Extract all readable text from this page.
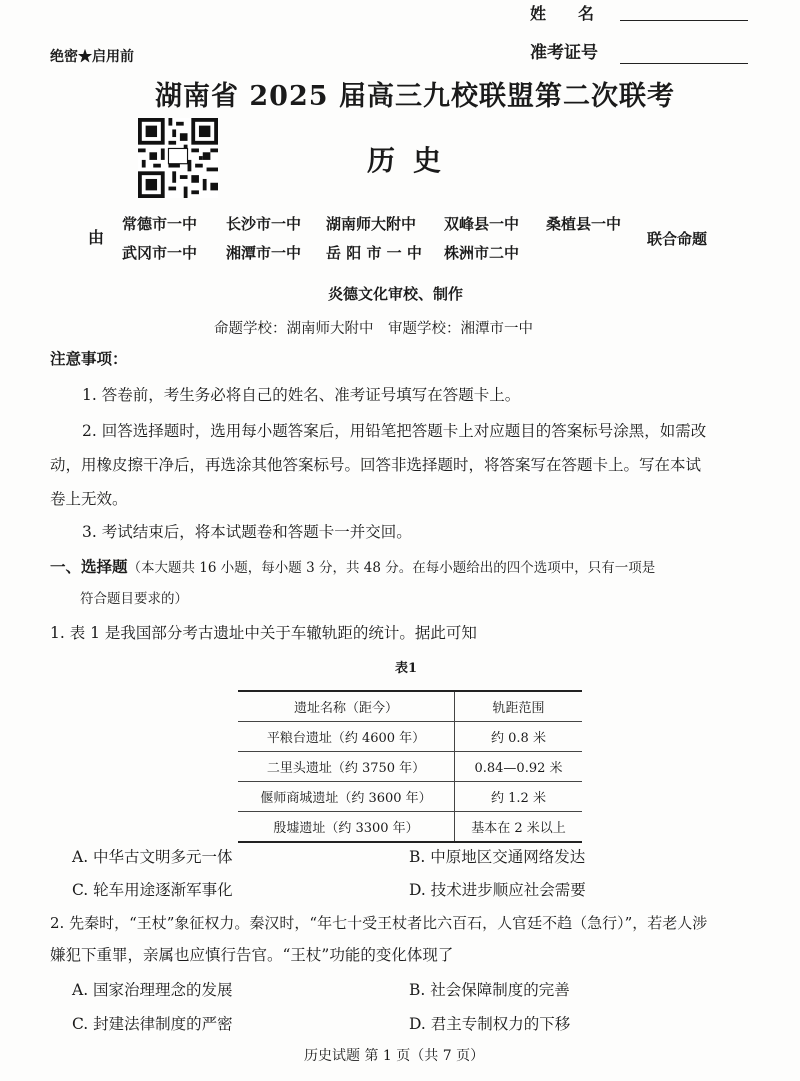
姓　　名
绝密★启用前	准考证号
湖南省 2025 届高三九校联盟第二次联考
历史
由
常德市一中 长沙市一中 湖南师大附中 双峰县一中 桑植县一中
武冈市一中 湘潭市一中 岳 阳 市 一 中 株洲市二中
联合命题
炎德文化审校、制作
命题学校：湖南师大附中　审题学校：湘潭市一中
注意事项：
1. 答卷前，考生务必将自己的姓名、准考证号填写在答题卡上。
2. 回答选择题时，选用每小题答案后，用铅笔把答题卡上对应题目的答案标号涂黑，如需改
动，用橡皮擦干净后，再选涂其他答案标号。回答非选择题时，将答案写在答题卡上。写在本试
卷上无效。
3. 考试结束后，将本试题卷和答题卡一并交回。
一、选择题（本大题共 16 小题，每小题 3 分，共 48 分。在每小题给出的四个选项中，只有一项是
符合题目要求的）
1. 表 1 是我国部分考古遗址中关于车辙轨距的统计。据此可知
表1
遗址名称（距今）	轨距范围
平粮台遗址（约 4600 年）	约 0.8 米
二里头遗址（约 3750 年）	0.84—0.92 米
偃师商城遗址（约 3600 年）	约 1.2 米
殷墟遗址（约 3300 年）	基本在 2 米以上
A. 中华古文明多元一体	B. 中原地区交通网络发达
C. 轮车用途逐渐军事化	D. 技术进步顺应社会需要
2. 先秦时，“王杖”象征权力。秦汉时，“年七十受王杖者比六百石，人官廷不趋（急行）”，若老人涉
嫌犯下重罪，亲属也应慎行告官。“王杖”功能的变化体现了
A. 国家治理理念的发展	B. 社会保障制度的完善
C. 封建法律制度的严密	D. 君主专制权力的下移
历史试题 第 1 页（共 7 页）
